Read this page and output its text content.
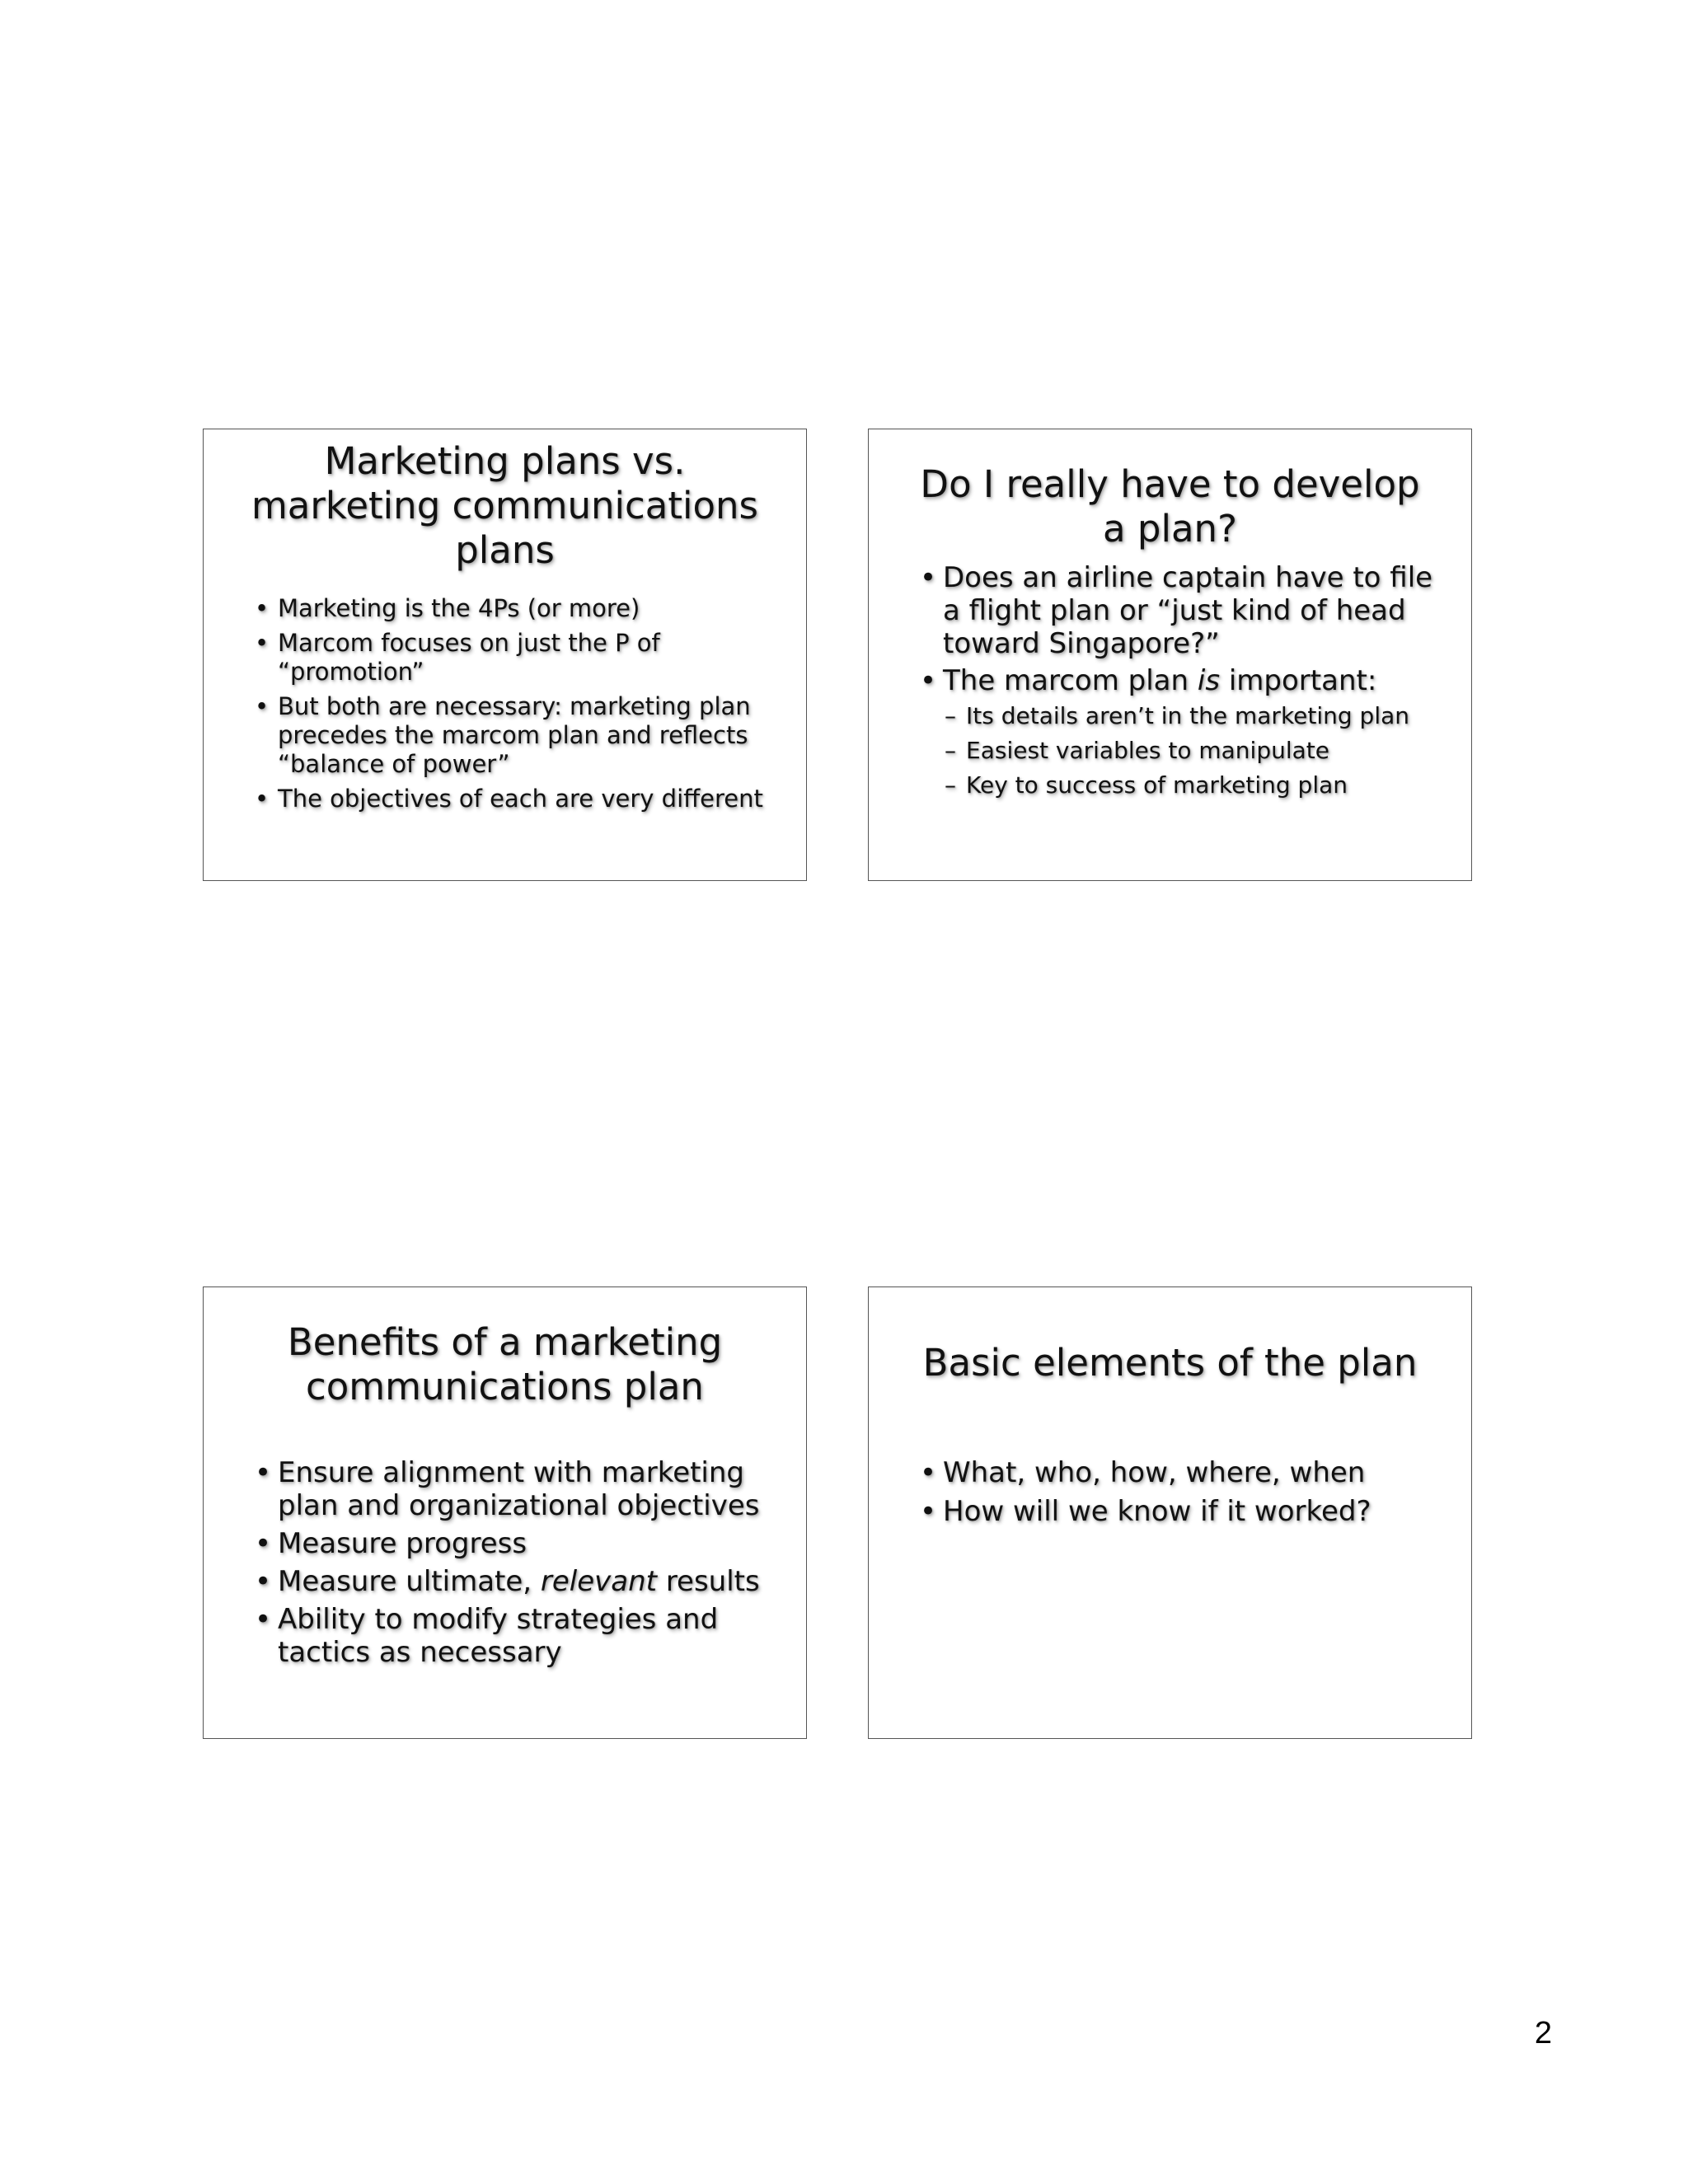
Marketing plans vs.
marketing communications
plans
• Marketing is the 4Ps (or more)
• Marcom focuses on just the P of
“promotion”
• But both are necessary: marketing plan
precedes the marcom plan and reflects
“balance of power”
• The objectives of each are very different
Do I really have to develop
a plan?
• Does an airline captain have to file
a flight plan or “just kind of head
toward Singapore?”
• The marcom plan is important:
– Its details aren’t in the marketing plan
– Easiest variables to manipulate
– Key to success of marketing plan
Benefits of a marketing
communications plan
• Ensure alignment with marketing
plan and organizational objectives
• Measure progress
• Measure ultimate, relevant results
• Ability to modify strategies and
tactics as necessary
Basic elements of the plan
• What, who, how, where, when
• How will we know if it worked?
2
